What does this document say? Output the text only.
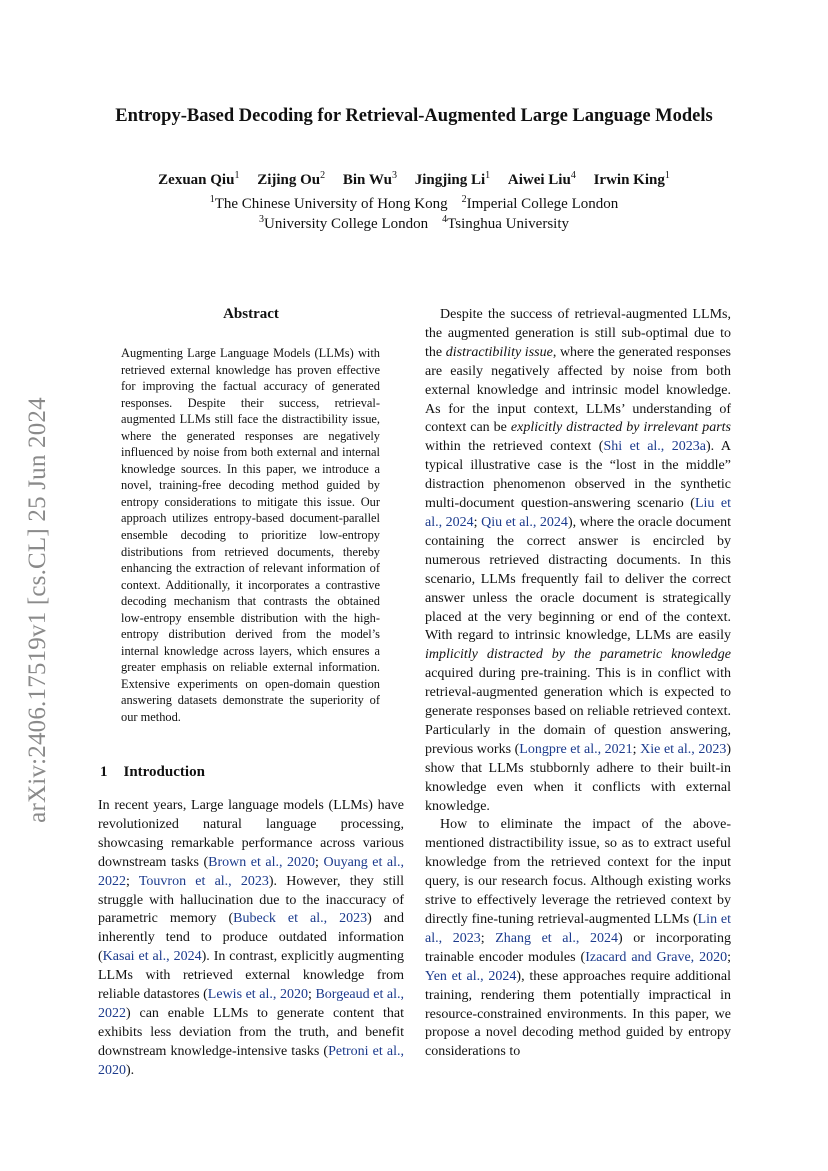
arXiv:2406.17519v1 [cs.CL] 25 Jun 2024
Entropy-Based Decoding for Retrieval-Augmented Large Language Models
Zexuan Qiu$^1$ Zijing Ou$^2$ Bin Wu$^3$ Jingjing Li$^1$ Aiwei Liu$^4$ Irwin King$^1$
$^1$The Chinese University of Hong Kong $^2$Imperial College London
$^3$University College London $^4$Tsinghua University
Abstract
Augmenting Large Language Models (LLMs) with retrieved external knowledge has proven effective for improving the factual accuracy of generated responses. Despite their success, retrieval-augmented LLMs still face the distractibility issue, where the generated responses are negatively influenced by noise from both external and internal knowledge sources. In this paper, we introduce a novel, training-free decoding method guided by entropy considerations to mitigate this issue. Our approach utilizes entropy-based document-parallel ensemble decoding to prioritize low-entropy distributions from retrieved documents, thereby enhancing the extraction of relevant information of context. Additionally, it incorporates a contrastive decoding mechanism that contrasts the obtained low-entropy ensemble distribution with the high-entropy distribution derived from the model’s internal knowledge across layers, which ensures a greater emphasis on reliable external information. Extensive experiments on open-domain question answering datasets demonstrate the superiority of our method.
1 Introduction

In recent years, Large language models (LLMs) have revolutionized natural language processing, showcasing remarkable performance across various downstream tasks (Brown et al., 2020; Ouyang et al., 2022; Touvron et al., 2023). However, they still struggle with hallucination due to the inaccuracy of parametric memory (Bubeck et al., 2023) and inherently tend to produce outdated information (Kasai et al., 2024). In contrast, explicitly augmenting LLMs with retrieved external knowledge from reliable datastores (Lewis et al., 2020; Borgeaud et al., 2022) can enable LLMs to generate content that exhibits less deviation from the truth, and benefit downstream knowledge-intensive tasks (Petroni et al., 2020).

Despite the success of retrieval-augmented LLMs, the augmented generation is still sub-optimal due to the distractibility issue, where the generated responses are easily negatively affected by noise from both external knowledge and intrinsic model knowledge. As for the input context, LLMs’ understanding of context can be explicitly distracted by irrelevant parts within the retrieved context (Shi et al., 2023a). A typical illustrative case is the “lost in the middle” distraction phenomenon observed in the synthetic multi-document question-answering scenario (Liu et al., 2024; Qiu et al., 2024), where the oracle document containing the correct answer is encircled by numerous retrieved distracting documents. In this scenario, LLMs frequently fail to deliver the correct answer unless the oracle document is strategically placed at the very beginning or end of the context. With regard to intrinsic knowledge, LLMs are easily implicitly distracted by the parametric knowledge acquired during pre-training. This is in conflict with retrieval-augmented generation which is expected to generate responses based on reliable retrieved context. Particularly in the domain of question answering, previous works (Longpre et al., 2021; Xie et al., 2023) show that LLMs stubbornly adhere to their built-in knowledge even when it conflicts with external knowledge.

How to eliminate the impact of the above-mentioned distractibility issue, so as to extract useful knowledge from the retrieved context for the input query, is our research focus. Although existing works strive to effectively leverage the retrieved context by directly fine-tuning retrieval-augmented LLMs (Lin et al., 2023; Zhang et al., 2024) or incorporating trainable encoder modules (Izacard and Grave, 2020; Yen et al., 2024), these approaches require additional training, rendering them potentially impractical in resource-constrained environments. In this paper, we propose a novel decoding method guided by entropy considerations to
